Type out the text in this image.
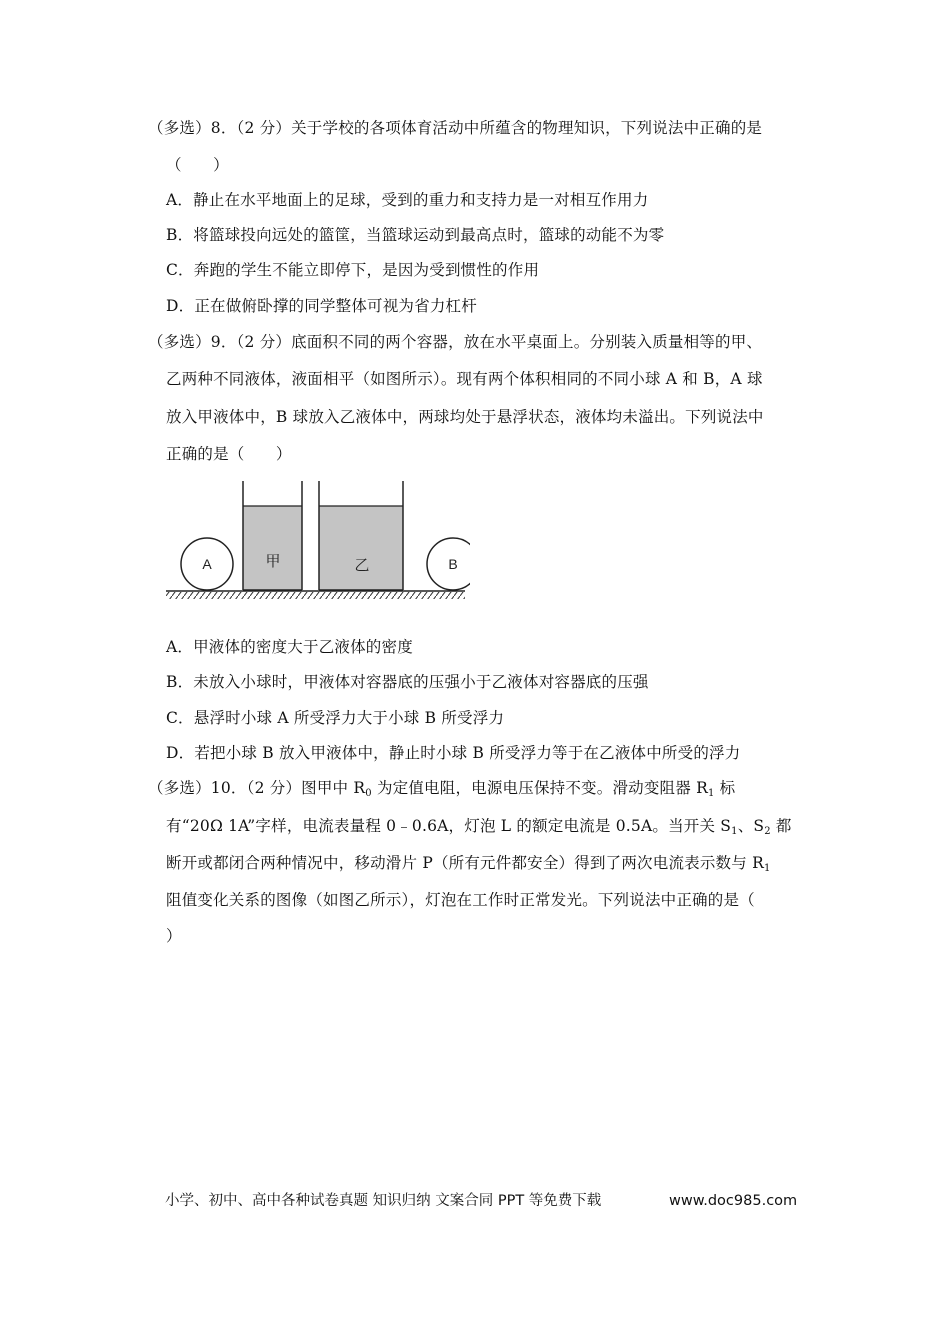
（多选）8．（2 分）关于学校的各项体育活动中所蕴含的物理知识，下列说法中正确的是
（　　）
A．静止在水平地面上的足球，受到的重力和支持力是一对相互作用力
B．将篮球投向远处的篮筐，当篮球运动到最高点时，篮球的动能不为零
C．奔跑的学生不能立即停下，是因为受到惯性的作用
D．正在做俯卧撑的同学整体可视为省力杠杆
（多选）9．（2 分）底面积不同的两个容器，放在水平桌面上。分别装入质量相等的甲、
乙两种不同液体，液面相平（如图所示）。现有两个体积相同的不同小球 A 和 B，A 球
放入甲液体中，B 球放入乙液体中，两球均处于悬浮状态，液体均未溢出。下列说法中
正确的是（　　）
A	甲	乙	B
A．甲液体的密度大于乙液体的密度
B．未放入小球时，甲液体对容器底的压强小于乙液体对容器底的压强
C．悬浮时小球 A 所受浮力大于小球 B 所受浮力
D．若把小球 B 放入甲液体中，静止时小球 B 所受浮力等于在乙液体中所受的浮力
（多选）10．（2 分）图甲中 $R_0$ 为定值电阻，电源电压保持不变。滑动变阻器 $R_1$ 标
有“20Ω 1A”字样，电流表量程 0﹣0.6A，灯泡 L 的额定电流是 0.5A。当开关 $S_1$、$S_2$ 都
断开或都闭合两种情况中，移动滑片 P（所有元件都安全）得到了两次电流表示数与 $R_1$
阻值变化关系的图像（如图乙所示），灯泡在工作时正常发光。下列说法中正确的是（
）
小学、初中、高中各种试卷真题 知识归纳 文案合同 PPT 等免费下载	www.doc985.com
